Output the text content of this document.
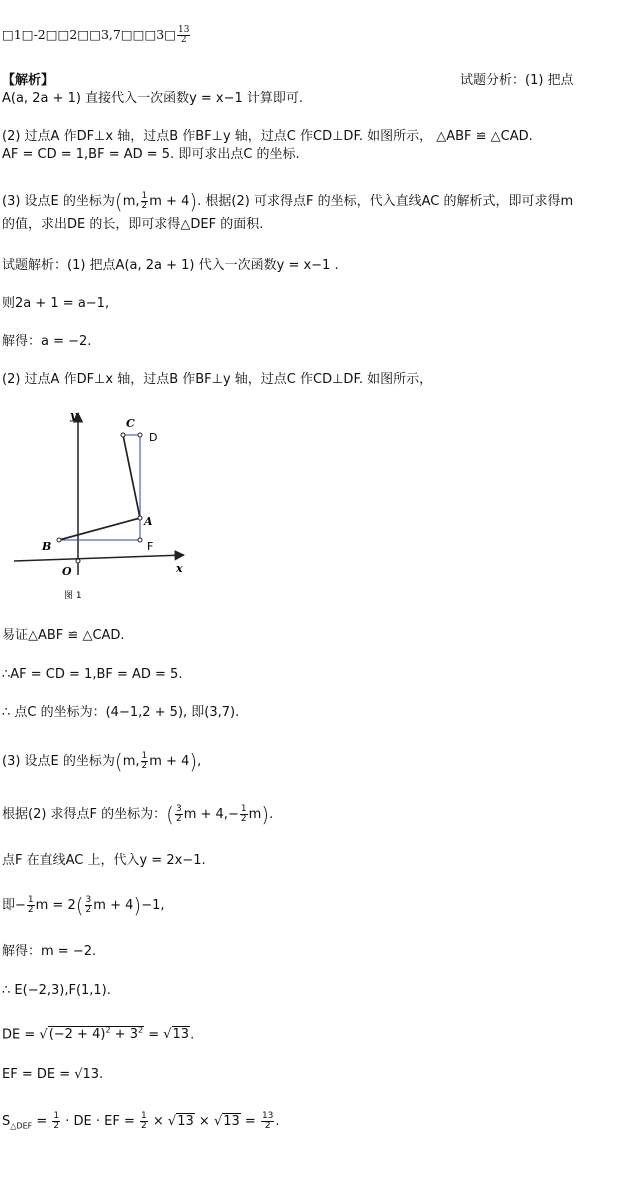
□1□-2□□2□□3,7□□□3□ $\frac{13}{2}$
【解析】	试题分析：(1) 把点
A(a, 2a + 1) 直接代入一次函数y = x−1 计算即可.
(2) 过点A 作DF⊥x 轴，过点B 作BF⊥y 轴，过点C 作CD⊥DF. 如图所示， △ABF ≌ △CAD.
AF = CD = 1,BF = AD = 5. 即可求出点C 的坐标.
(3) 设点E 的坐标为(m, $\frac{1}{2}$ m + 4). 根据(2) 可求得点F 的坐标，代入直线AC 的解析式，即可求得m
的值，求出DE 的长，即可求得△DEF 的面积.
试题解析：(1) 把点A(a, 2a + 1) 代入一次函数y = x−1 .
则2a + 1 = a−1,
解得：a = −2.
(2) 过点A 作DF⊥x 轴，过点B 作BF⊥y 轴，过点C 作CD⊥DF. 如图所示，
y
x
O
C
D
A
B	F
图 1
易证△ABF ≌ △CAD.
∴AF = CD = 1,BF = AD = 5.
∴ 点C 的坐标为：(4−1,2 + 5), 即(3,7).
(3) 设点E 的坐标为(m, $\frac{1}{2}$ m + 4),
根据(2) 求得点F 的坐标为：( $\frac{3}{2}$ $m + 4,- \frac{1}{2} m$).
点F 在直线AC 上，代入y = 2x−1.
即− $\frac{1}{2}$ $m = 2( \frac{3}{2}$ m + 4)−1,
解得：m = −2.
∴ E(−2,3),F(1,1).
DE = $√(-2 + 4)^2 + 3^2 = √13$.
EF = DE = √13.
$S_{\triangle DEF} = \frac{1}{2}$ · DE · EF = $\frac{1}{2} \times √13 \times √13 = \frac{13}{2}$ .
